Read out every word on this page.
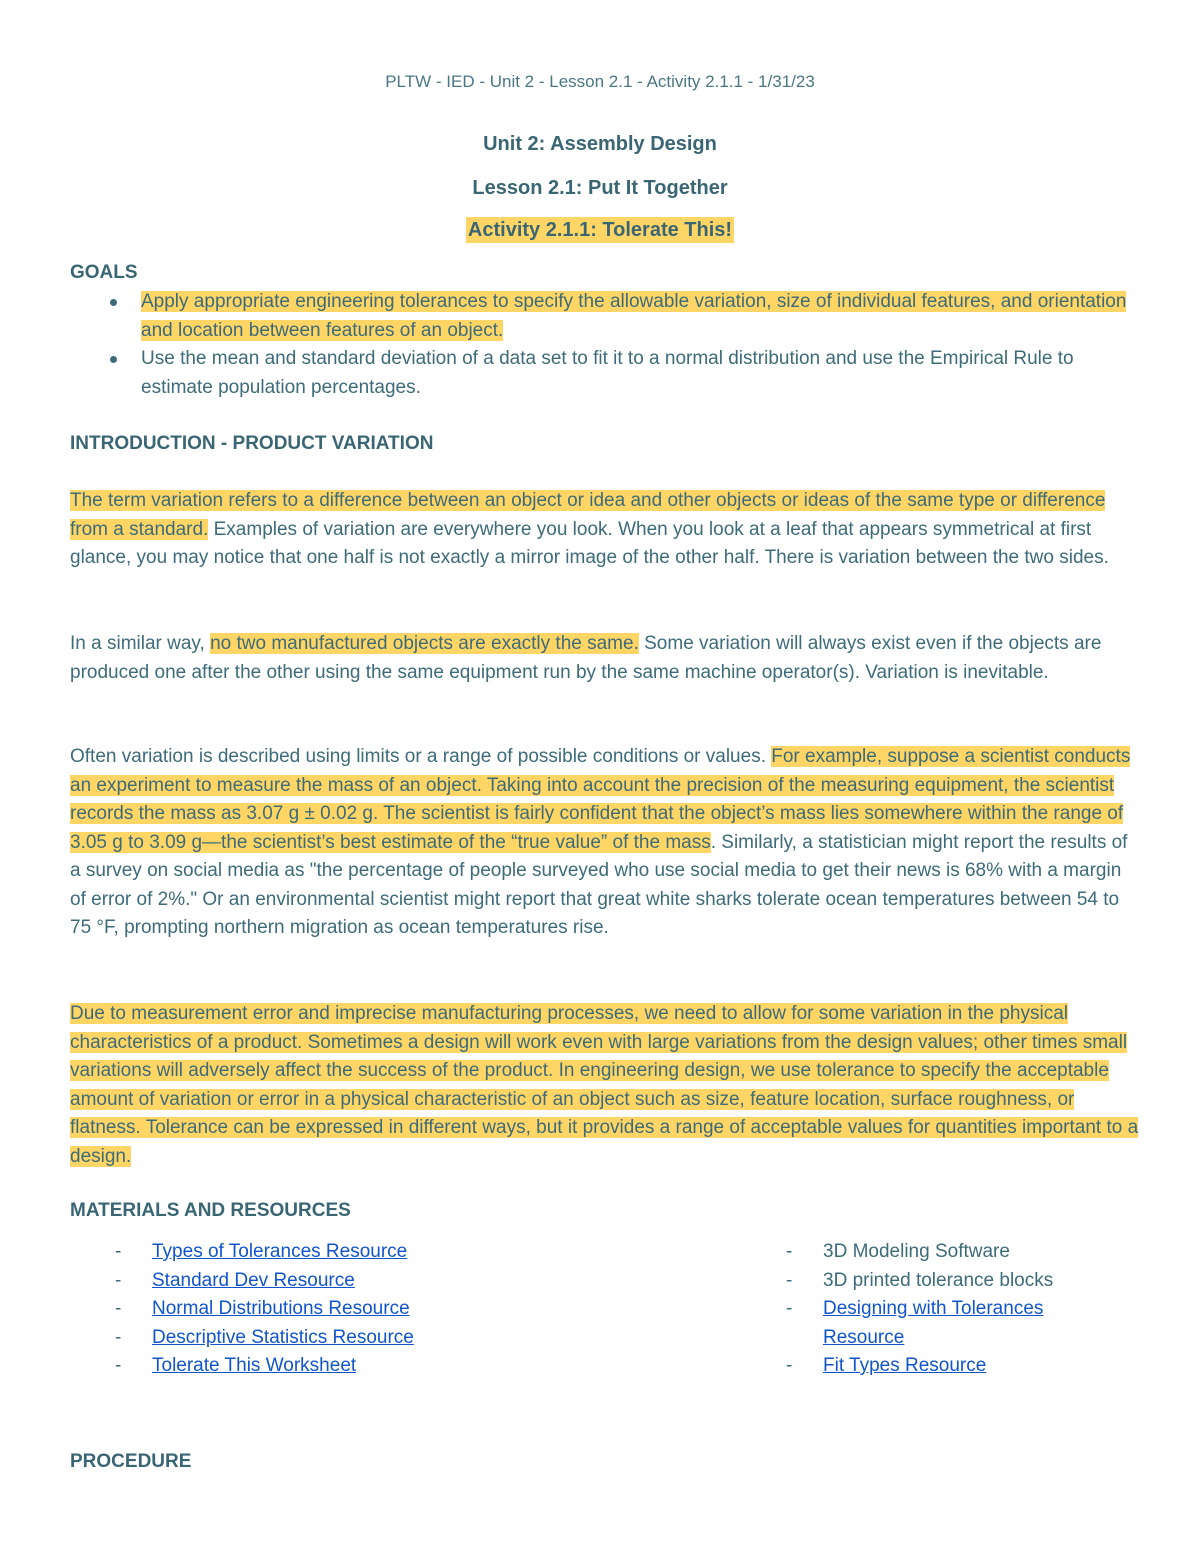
PLTW - IED - Unit 2 - Lesson 2.1 - Activity 2.1.1 - 1/31/23
Unit 2: Assembly Design
Lesson 2.1: Put It Together
Activity 2.1.1: Tolerate This!
GOALS
Apply appropriate engineering tolerances to specify the allowable variation, size of individual features, and orientation and location between features of an object.
Use the mean and standard deviation of a data set to fit it to a normal distribution and use the Empirical Rule to estimate population percentages.
INTRODUCTION - PRODUCT VARIATION

The term variation refers to a difference between an object or idea and other objects or ideas of the same type or difference from a standard. Examples of variation are everywhere you look. When you look at a leaf that appears symmetrical at first glance, you may notice that one half is not exactly a mirror image of the other half. There is variation between the two sides.

In a similar way, no two manufactured objects are exactly the same. Some variation will always exist even if the objects are produced one after the other using the same equipment run by the same machine operator(s). Variation is inevitable.

Often variation is described using limits or a range of possible conditions or values. For example, suppose a scientist conducts an experiment to measure the mass of an object. Taking into account the precision of the measuring equipment, the scientist records the mass as 3.07 g ± 0.02 g. The scientist is fairly confident that the object’s mass lies somewhere within the range of 3.05 g to 3.09 g—the scientist’s best estimate of the “true value” of the mass. Similarly, a statistician might report the results of a survey on social media as "the percentage of people surveyed who use social media to get their news is 68% with a margin of error of 2%." Or an environmental scientist might report that great white sharks tolerate ocean temperatures between 54 to 75 °F, prompting northern migration as ocean temperatures rise.

Due to measurement error and imprecise manufacturing processes, we need to allow for some variation in the physical characteristics of a product. Sometimes a design will work even with large variations from the design values; other times small variations will adversely affect the success of the product. In engineering design, we use tolerance to specify the acceptable amount of variation or error in a physical characteristic of an object such as size, feature location, surface roughness, or flatness. Tolerance can be expressed in different ways, but it provides a range of acceptable values for quantities important to a design.

MATERIALS AND RESOURCES
- Types of Tolerances Resource
- Standard Dev Resource
- Normal Distributions Resource
- Descriptive Statistics Resource
- Tolerate This Worksheet
- 3D Modeling Software
- 3D printed tolerance blocks
- Designing with Tolerances Resource
- Fit Types Resource
PROCEDURE
